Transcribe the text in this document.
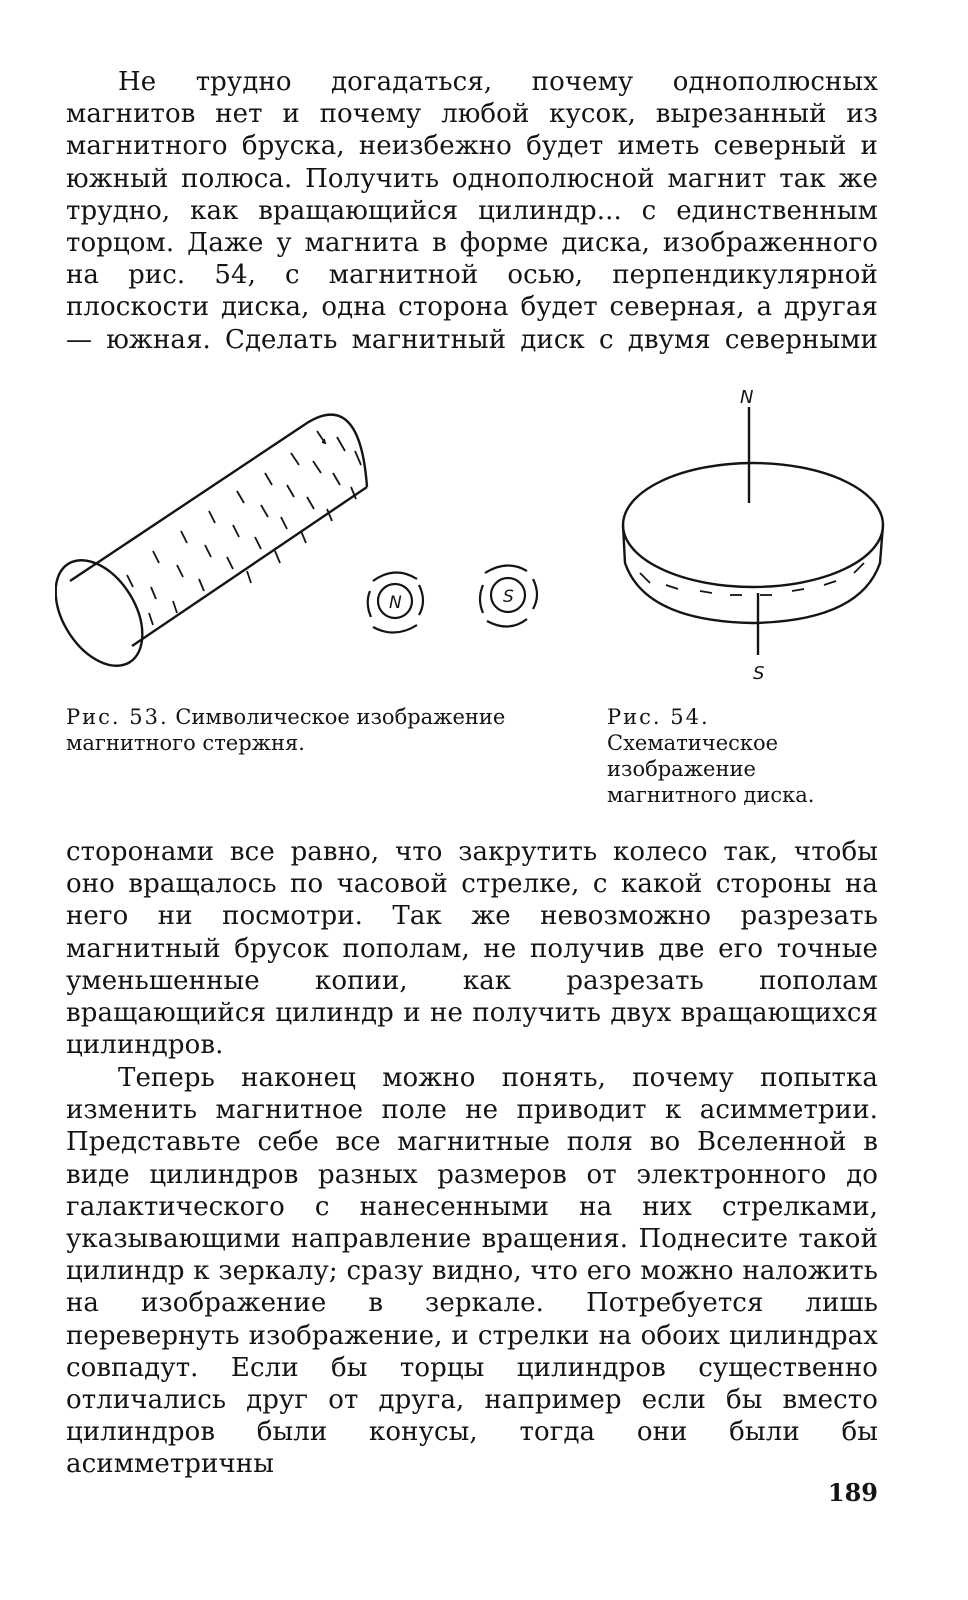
Не трудно догадаться, почему однополюсных магнитов нет и почему любой кусок, вырезанный из магнитного бруска, неизбежно будет иметь северный и южный полюса. Получить однополюсной магнит так же трудно, как вращающийся цилиндр... с единственным торцом. Даже у магнита в форме диска, изображенного на рис. 54, с магнитной осью, перпендикулярной плоскости диска, одна сторона будет северная, а другая — южная. Сделать магнитный диск с двумя северными

N	S
N
S
Рис. 53. Символическое изображение магнитного стержня.
Рис. 54. Схематическое изображение магнитного диска.

сторонами все равно, что закрутить колесо так, чтобы оно вращалось по часовой стрелке, с какой стороны на него ни посмотри. Так же невозможно разрезать магнитный брусок пополам, не получив две его точные уменьшенные копии, как разрезать пополам вращающийся цилиндр и не получить двух вращающихся цилиндров.

Теперь наконец можно понять, почему попытка изменить магнитное поле не приводит к асимметрии. Представьте себе все магнитные поля во Вселенной в виде цилиндров разных размеров от электронного до галактического с нанесенными на них стрелками, указывающими направление вращения. Поднесите такой цилиндр к зеркалу; сразу видно, что его можно наложить на изображение в зеркале. Потребуется лишь перевернуть изображение, и стрелки на обоих цилиндрах совпадут. Если бы торцы цилиндров существенно отличались друг от друга, например если бы вместо цилиндров были конусы, тогда они были бы асимметричны

189
